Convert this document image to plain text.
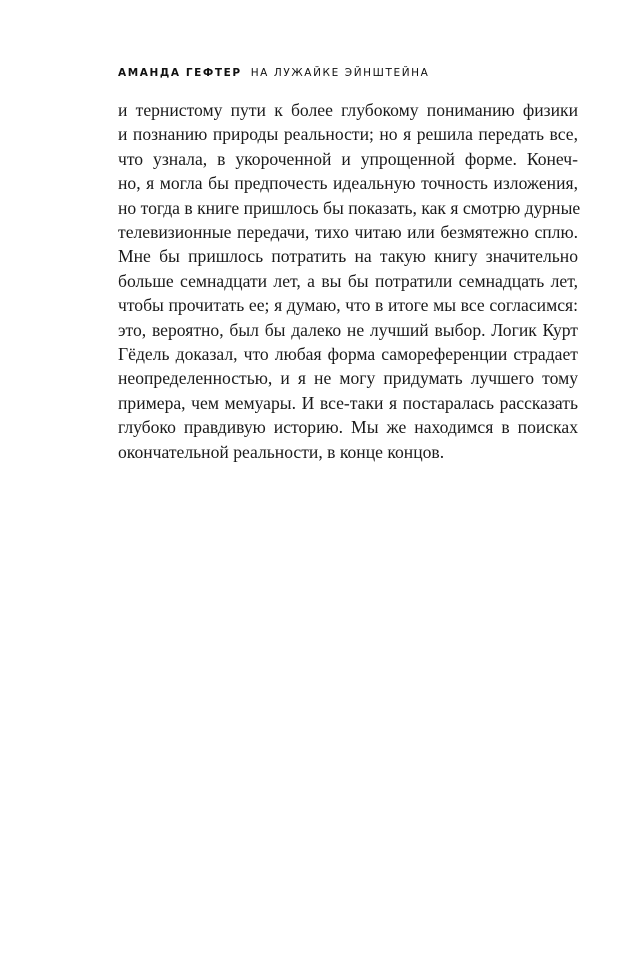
АМАНДА ГЕФТЕР НА ЛУЖАЙКЕ ЭЙНШТЕЙНА
и тернистому пути к более глубокому пониманию физики
и познанию природы реальности; но я решила передать все,
что узнала, в укороченной и упрощенной форме. Конеч-
но, я могла бы предпочесть идеальную точность изложения,
но тогда в книге пришлось бы показать, как я смотрю дурные
телевизионные передачи, тихо читаю или безмятежно сплю.
Мне бы пришлось потратить на такую книгу значительно
больше семнадцати лет, а вы бы потратили семнадцать лет,
чтобы прочитать ее; я думаю, что в итоге мы все согласимся:
это, вероятно, был бы далеко не лучший выбор. Логик Курт
Гёдель доказал, что любая форма самореференции страдает
неопределенностью, и я не могу придумать лучшего тому
примера, чем мемуары. И все-таки я постаралась рассказать
глубоко правдивую историю. Мы же находимся в поисках
окончательной реальности, в конце концов.
